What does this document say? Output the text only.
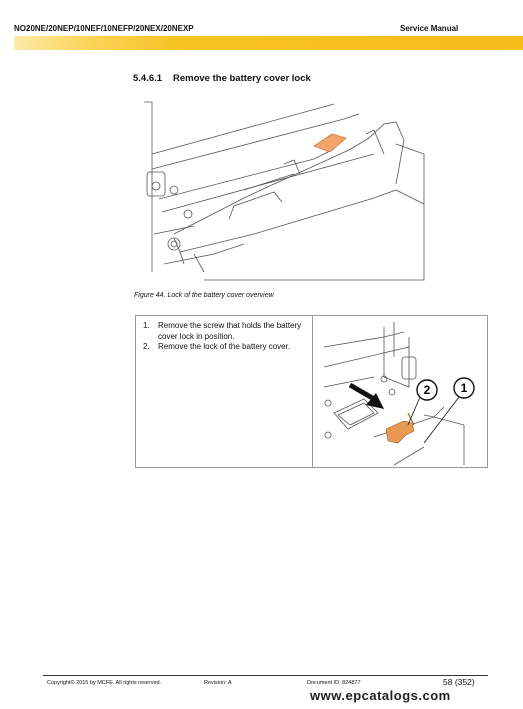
NO20NE/20NEP/10NEF/10NEFP/20NEX/20NEXP	Service Manual
5.4.6.1 Remove the battery cover lock
Figure 44. Lock of the battery cover overview
1. Remove the screw that holds the battery cover lock in position.
2. Remove the lock of the battery cover.
2	1
Copyright© 2015 by MCFE. All rights reserved.	Revision: A	Document ID: 824877	58 (352)
www.epcatalogs.com
